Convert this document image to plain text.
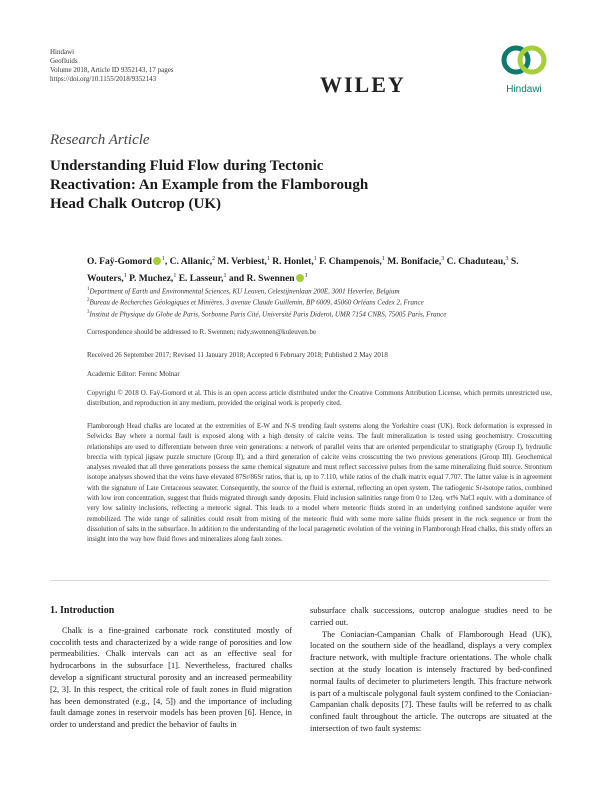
Hindawi
Geofluids
Volume 2018, Article ID 9352143, 17 pages
https://doi.org/10.1155/2018/9352143	WILEY	Hindawi
Research Article
Understanding Fluid Flow during Tectonic Reactivation: An Example from the Flamborough Head Chalk Outcrop (UK)
O. Faÿ-Gomord $^1$, C. Allanic,$^2$ M. Verbiest,$^1$ R. Honlet,$^1$ F. Champenois,$^1$ M. Bonifacie,$^3$ C. Chaduteau,$^3$ S. Wouters,$^1$ P. Muchez,$^1$ E. Lasseur,$^1$ and R. Swennen $^1$
$^1$Department of Earth and Environmental Sciences, KU Leuven, Celestijnenlaan 200E, 3001 Heverlee, Belgium
$^2$Bureau de Recherches Géologiques et Minières, 3 avenue Claude Guillemin, BP 6009, 45060 Orléans Cedex 2, France
$^3$Institut de Physique du Globe de Paris, Sorbonne Paris Cité, Université Paris Diderot, UMR 7154 CNRS, 75005 Paris, France
Correspondence should be addressed to R. Swennen; rudy.swennen@kuleuven.be
Received 26 September 2017; Revised 11 January 2018; Accepted 6 February 2018; Published 2 May 2018
Academic Editor: Ferenc Molnar
Copyright © 2018 O. Faÿ-Gomord et al. This is an open access article distributed under the Creative Commons Attribution License, which permits unrestricted use, distribution, and reproduction in any medium, provided the original work is properly cited.
Flamborough Head chalks are located at the extremities of E-W and N-S trending fault systems along the Yorkshire coast (UK). Rock deformation is expressed in Selwicks Bay where a normal fault is exposed along with a high density of calcite veins. The fault mineralization is tested using geochemistry. Crosscutting relationships are used to differentiate between three vein generations: a network of parallel veins that are oriented perpendicular to stratigraphy (Group I), hydraulic breccia with typical jigsaw puzzle structure (Group II), and a third generation of calcite veins crosscutting the two previous generations (Group III). Geochemical analyses revealed that all three generations possess the same chemical signature and must reflect successive pulses from the same mineralizing fluid source. Strontium isotope analyses showed that the veins have elevated 87Sr/86Sr ratios, that is, up to 7.110, while ratios of the chalk matrix equal 7.707. The latter value is in agreement with the signature of Late Cretaceous seawater. Consequently, the source of the fluid is external, reflecting an open system. The radiogenic Sr-isotope ratios, combined with low iron concentration, suggest that fluids migrated through sandy deposits. Fluid inclusion salinities range from 0 to 12eq. wt% NaCl equiv. with a dominance of very low salinity inclusions, reflecting a meteoric signal. This leads to a model where meteoric fluids stored in an underlying confined sandstone aquifer were remobilized. The wide range of salinities could result from mixing of the meteoric fluid with some more saline fluids present in the rock sequence or from the dissolution of salts in the subsurface. In addition to the understanding of the local paragenetic evolution of the veining in Flamborough Head chalks, this study offers an insight into the way how fluid flows and mineralizes along fault zones.
1. Introduction

Chalk is a fine-grained carbonate rock constituted mostly of coccolith tests and characterized by a wide range of porosities and low permeabilities. Chalk intervals can act as an effective seal for hydrocarbons in the subsurface [1]. Nevertheless, fractured chalks develop a significant structural porosity and an increased permeability [2, 3]. In this respect, the critical role of fault zones in fluid migration has been demonstrated (e.g., [4, 5]) and the importance of including fault damage zones in reservoir models has been proven [6]. Hence, in order to understand and predict the behavior of faults in

subsurface chalk successions, outcrop analogue studies need to be carried out.

The Coniacian-Campanian Chalk of Flamborough Head (UK), located on the southern side of the headland, displays a very complex fracture network, with multiple fracture orientations. The whole chalk section at the study location is intensely fractured by bed-confined normal faults of decimeter to plurimeters length. This fracture network is part of a multiscale polygonal fault system confined to the Coniacian-Campanian chalk deposits [7]. These faults will be referred to as chalk confined fault throughout the article. The outcrops are situated at the intersection of two fault systems:
